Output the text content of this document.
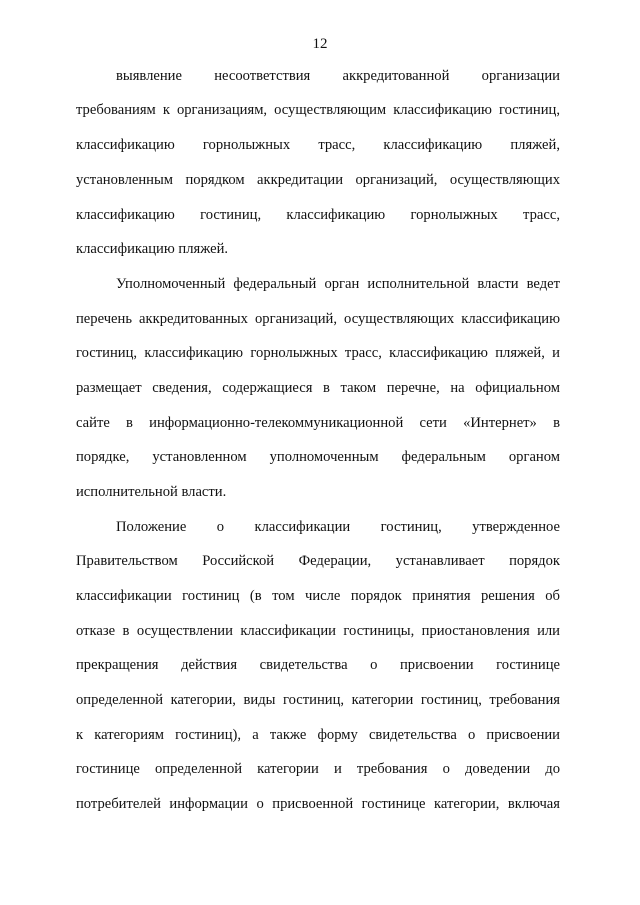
12
выявление несоответствия аккредитованной организации
требованиям к организациям, осуществляющим классификацию гостиниц,
классификацию горнолыжных трасс, классификацию пляжей,
установленным порядком аккредитации организаций, осуществляющих
классификацию гостиниц, классификацию горнолыжных трасс,
классификацию пляжей.
Уполномоченный федеральный орган исполнительной власти ведет
перечень аккредитованных организаций, осуществляющих классификацию
гостиниц, классификацию горнолыжных трасс, классификацию пляжей, и
размещает сведения, содержащиеся в таком перечне, на официальном
сайте в информационно-телекоммуникационной сети «Интернет» в
порядке, установленном уполномоченным федеральным органом
исполнительной власти.
Положение о классификации гостиниц, утвержденное
Правительством Российской Федерации, устанавливает порядок
классификации гостиниц (в том числе порядок принятия решения об
отказе в осуществлении классификации гостиницы, приостановления или
прекращения действия свидетельства о присвоении гостинице
определенной категории, виды гостиниц, категории гостиниц, требования
к категориям гостиниц), а также форму свидетельства о присвоении
гостинице определенной категории и требования о доведении до
потребителей информации о присвоенной гостинице категории, включая
